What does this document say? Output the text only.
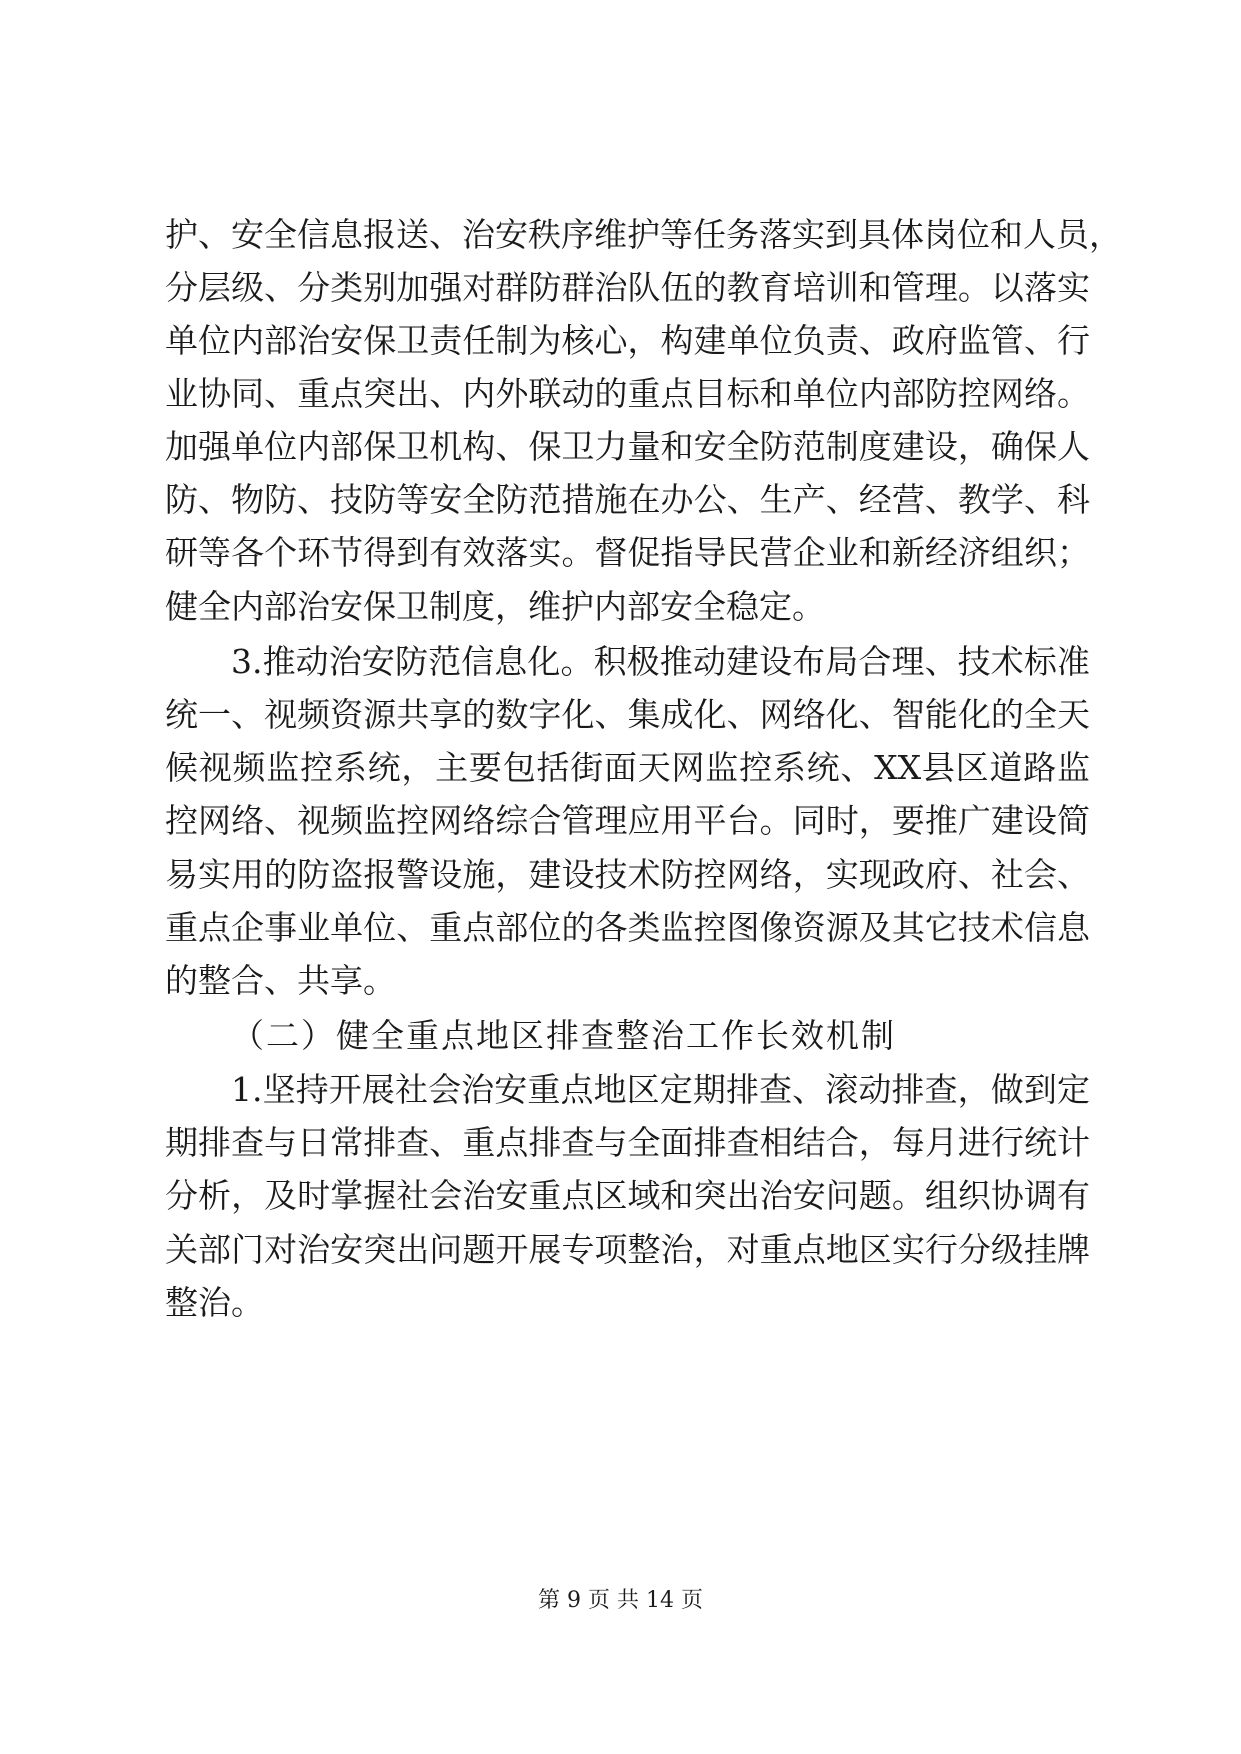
护、安全信息报送、治安秩序维护等任务落实到具体岗位和人员，
分层级、分类别加强对群防群治队伍的教育培训和管理。以落实
单位内部治安保卫责任制为核心，构建单位负责、政府监管、行
业协同、重点突出、内外联动的重点目标和单位内部防控网络。
加强单位内部保卫机构、保卫力量和安全防范制度建设，确保人
防、物防、技防等安全防范措施在办公、生产、经营、教学、科
研等各个环节得到有效落实。督促指导民营企业和新经济组织；
健全内部治安保卫制度，维护内部安全稳定。
3.推动治安防范信息化。积极推动建设布局合理、技术标准
统一、视频资源共享的数字化、集成化、网络化、智能化的全天
候视频监控系统，主要包括街面天网监控系统、XX县区道路监
控网络、视频监控网络综合管理应用平台。同时，要推广建设简
易实用的防盗报警设施，建设技术防控网络，实现政府、社会、
重点企事业单位、重点部位的各类监控图像资源及其它技术信息
的整合、共享。
（二）健全重点地区排查整治工作长效机制
1.坚持开展社会治安重点地区定期排查、滚动排查，做到定
期排查与日常排查、重点排查与全面排查相结合，每月进行统计
分析，及时掌握社会治安重点区域和突出治安问题。组织协调有
关部门对治安突出问题开展专项整治，对重点地区实行分级挂牌
整治。
第 9 页 共 14 页
